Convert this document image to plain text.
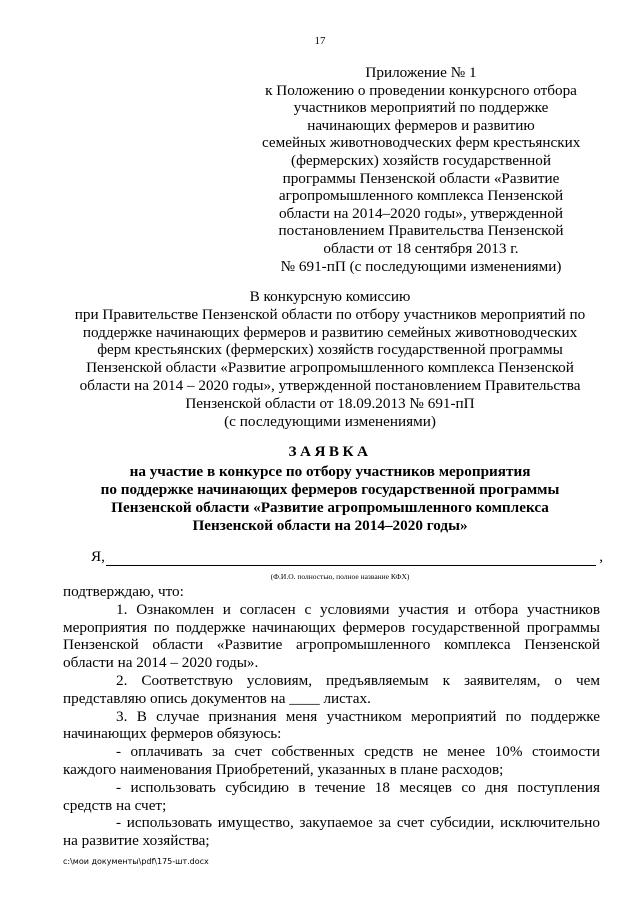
17
Приложение № 1
к Положению о проведении конкурсного отбора
участников мероприятий по поддержке
начинающих фермеров и развитию
семейных животноводческих ферм крестьянских
(фермерских) хозяйств государственной
программы Пензенской области «Развитие
агропромышленного комплекса Пензенской
области на 2014–2020 годы», утвержденной
постановлением Правительства Пензенской
области от 18 сентября 2013 г.
№ 691-пП (с последующими изменениями)
В конкурсную комиссию
при Правительстве Пензенской области по отбору участников мероприятий по
поддержке начинающих фермеров и развитию семейных животноводческих
ферм крестьянских (фермерских) хозяйств государственной программы
Пензенской области «Развитие агропромышленного комплекса Пензенской
области на 2014 – 2020 годы», утвержденной постановлением Правительства
Пензенской области от 18.09.2013 № 691-пП
(с последующими изменениями)
ЗАЯВКА
на участие в конкурсе по отбору участников мероприятия
по поддержке начинающих фермеров государственной программы
Пензенской области «Развитие агропромышленного комплекса
Пензенской области на 2014–2020 годы»
Я,	,
(Ф.И.О. полностью, полное название КФХ)

подтверждаю, что:

1. Ознакомлен и согласен с условиями участия и отбора участников мероприятия по поддержке начинающих фермеров государственной программы Пензенской области «Развитие агропромышленного комплекса Пензенской области на 2014 – 2020 годы».

2. Соответствую условиям, предъявляемым к заявителям, о чем представляю опись документов на ____ листах.

3. В случае признания меня участником мероприятий по поддержке начинающих фермеров обязуюсь:

- оплачивать за счет собственных средств не менее 10% стоимости каждого наименования Приобретений, указанных в плане расходов;

- использовать субсидию в течение 18 месяцев со дня поступления средств на счет;

- использовать имущество, закупаемое за счет субсидии, исключительно на развитие хозяйства;

c:\мои документы\pdf\175-шт.docx
